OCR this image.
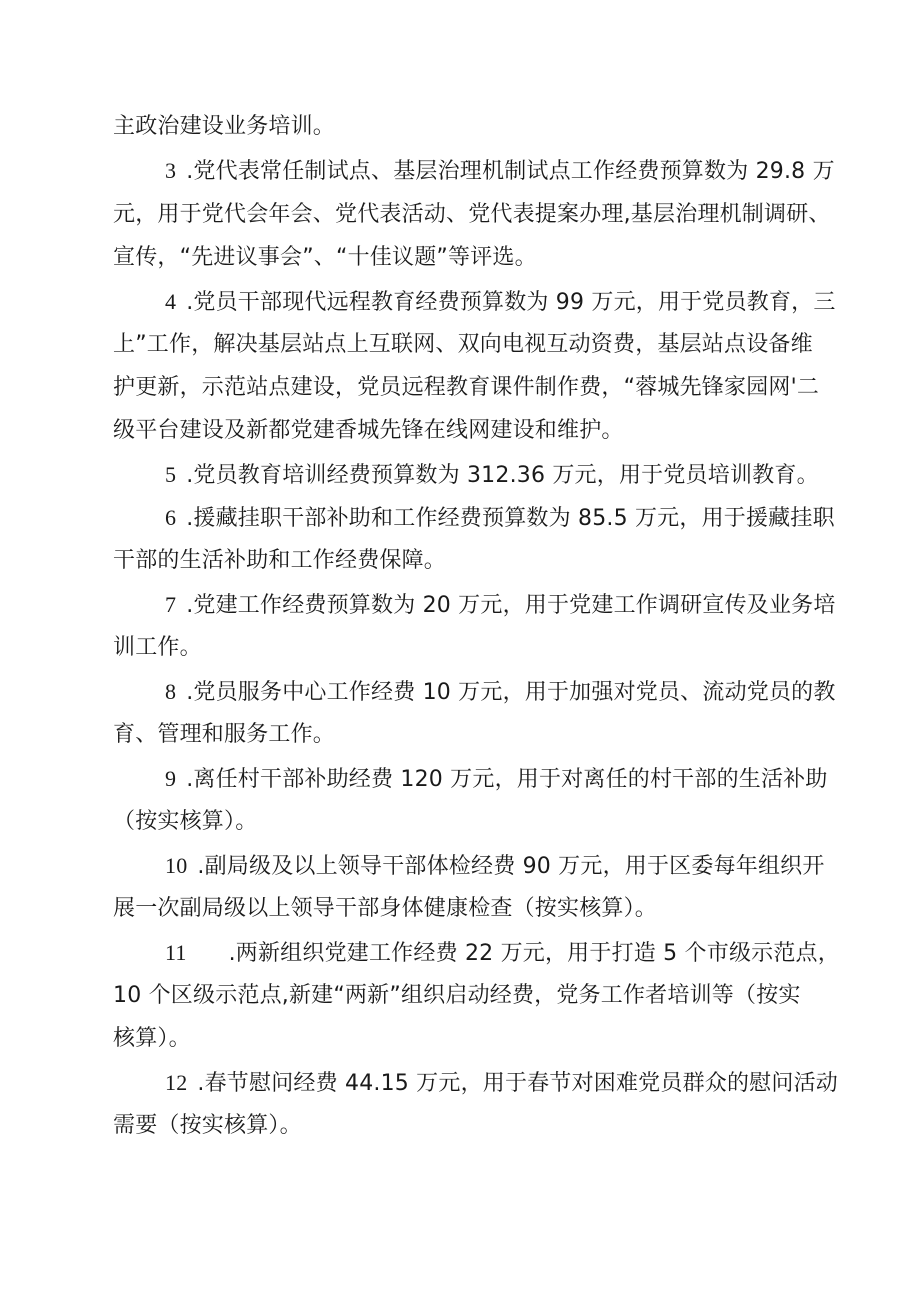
主政治建设业务培训。
3 .党代表常任制试点、基层治理机制试点工作经费预算数为 29.8 万
元，用于党代会年会、党代表活动、党代表提案办理,基层治理机制调研、
宣传，“先进议事会”、“十佳议题”等评选。
4 .党员干部现代远程教育经费预算数为 99 万元，用于党员教育，三
上”工作，解决基层站点上互联网、双向电视互动资费，基层站点设备维
护更新，示范站点建设，党员远程教育课件制作费，“蓉城先锋家园网'二
级平台建设及新都党建香城先锋在线网建设和维护。
5 .党员教育培训经费预算数为 312.36 万元，用于党员培训教育。
6 .援藏挂职干部补助和工作经费预算数为 85.5 万元，用于援藏挂职
干部的生活补助和工作经费保障。
7 .党建工作经费预算数为 20 万元，用于党建工作调研宣传及业务培
训工作。
8 .党员服务中心工作经费 10 万元，用于加强对党员、流动党员的教
育、管理和服务工作。
9 .离任村干部补助经费 120 万元，用于对离任的村干部的生活补助
（按实核算）。
10 .副局级及以上领导干部体检经费 90 万元，用于区委每年组织开
展一次副局级以上领导干部身体健康检查（按实核算）。
11 .两新组织党建工作经费 22 万元，用于打造 5 个市级示范点，
10 个区级示范点,新建“两新”组织启动经费，党务工作者培训等（按实
核算）。
12 .春节慰问经费 44.15 万元，用于春节对困难党员群众的慰问活动
需要（按实核算）。
